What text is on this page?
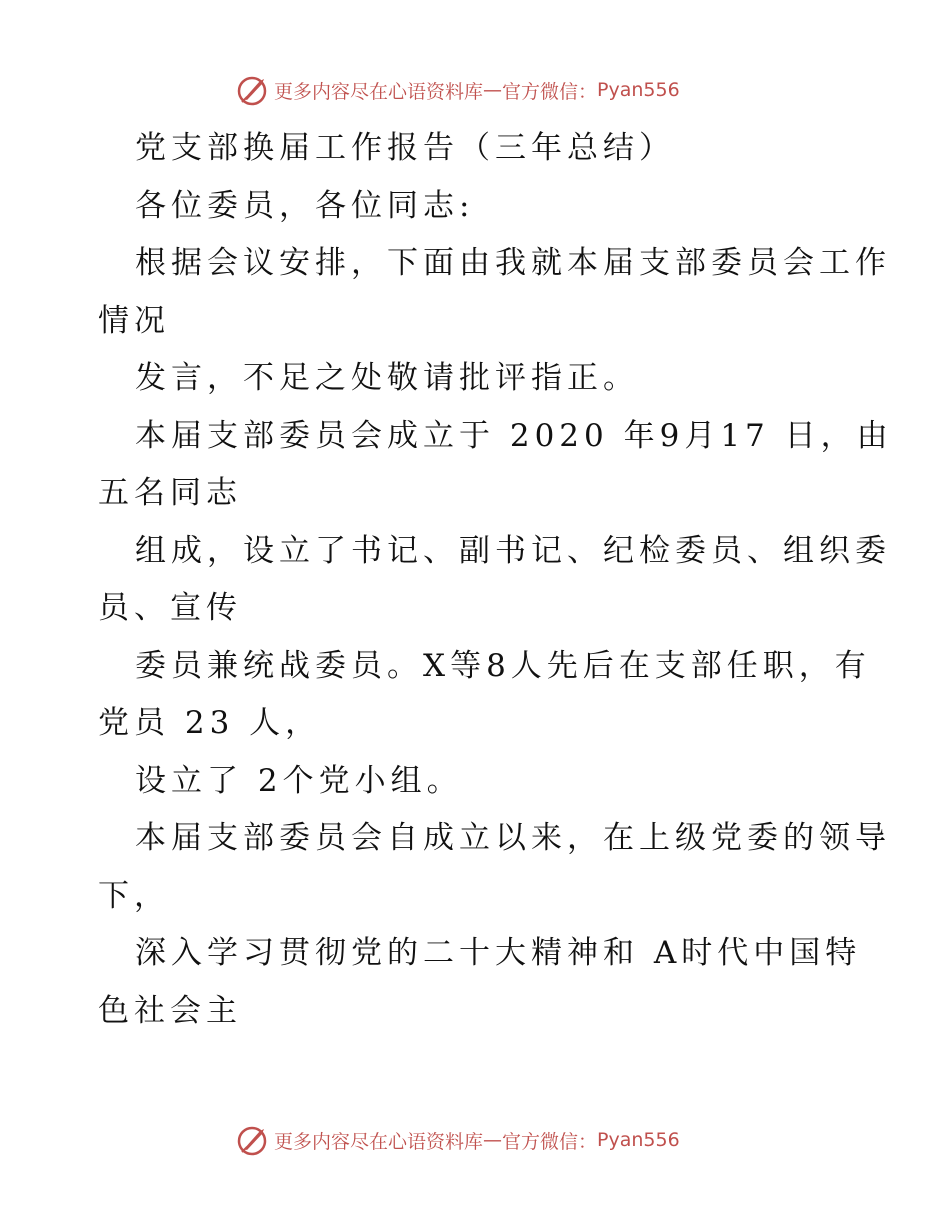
更多内容尽在心语资料库 — 官方微信： Pyan556
党支部换届工作报告（三年总结）
各位委员，各位同志:
根据会议安排，下面由我就本届支部委员会工作
情况
发言，不足之处敬请批评指正。
本届支部委员会成立于 2020 年9月17 日，由
五名同志
组成，设立了书记、副书记、纪检委员、组织委
员、宣传
委员兼统战委员。X等8人先后在支部任职，有
党员 23 人，
设立了 2个党小组。
本届支部委员会自成立以来，在上级党委的领导
下，
深入学习贯彻党的二十大精神和 A时代中国特
色社会主
更多内容尽在心语资料库 — 官方微信： Pyan556
